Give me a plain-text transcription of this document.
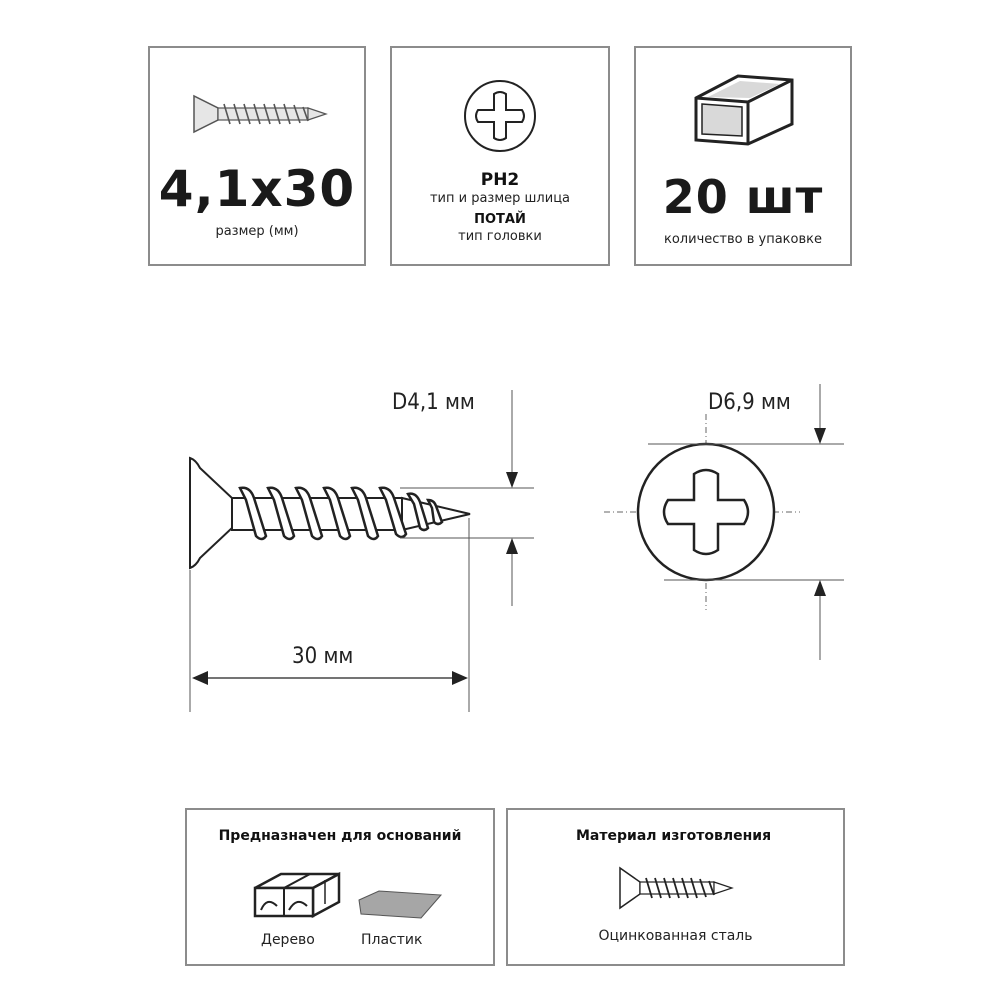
4,1x30
размер (мм)
PH2
тип и размер шлица
ПОТАЙ
тип головки
20 шт
количество в упаковке
D4,1 мм
30 мм
D6,9 мм
Предназначен для оснований
Дерево	Пластик
Материал изготовления
Оцинкованная сталь
